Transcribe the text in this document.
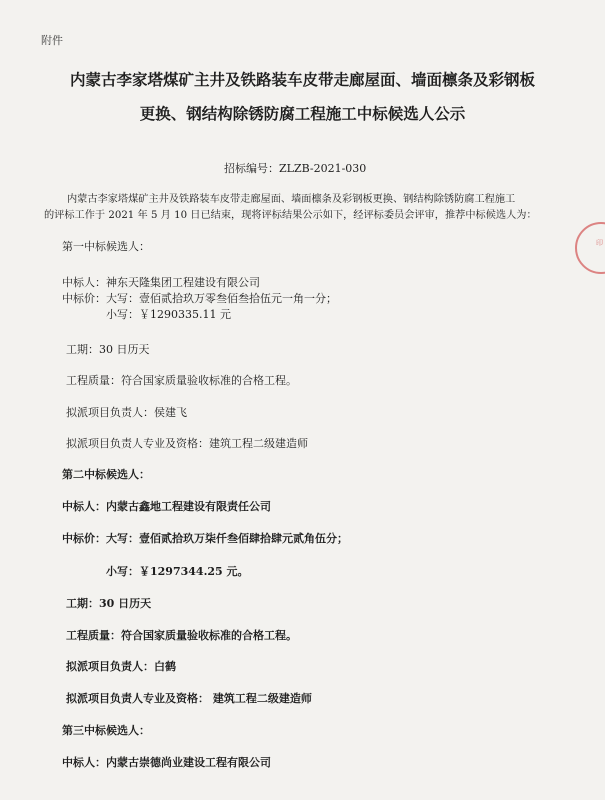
附件
内蒙古李家塔煤矿主井及铁路装车皮带走廊屋面、墙面檩条及彩钢板
更换、钢结构除锈防腐工程施工中标候选人公示
招标编号：ZLZB-2021-030
内蒙古李家塔煤矿主井及铁路装车皮带走廊屋面、墙面檩条及彩钢板更换、钢结构除锈防腐工程施工
的评标工作于 2021 年 5 月 10 日已结束，现将评标结果公示如下，经评标委员会评审，推荐中标候选人为：
印
第一中标候选人：
中标人：神东天隆集团工程建设有限公司
中标价：大写：壹佰贰拾玖万零叁佰叁拾伍元一角一分；
小写：￥1290335.11 元
工期：30 日历天
工程质量：符合国家质量验收标准的合格工程。
拟派项目负责人：侯建飞
拟派项目负责人专业及资格：建筑工程二级建造师
第二中标候选人：
中标人：内蒙古鑫地工程建设有限责任公司
中标价：大写：壹佰贰拾玖万柒仟叁佰肆拾肆元贰角伍分；
小写：￥1297344.25 元。
工期：30 日历天
工程质量：符合国家质量验收标准的合格工程。
拟派项目负责人：白鹤
拟派项目负责人专业及资格： 建筑工程二级建造师
第三中标候选人：
中标人：内蒙古崇德尚业建设工程有限公司
